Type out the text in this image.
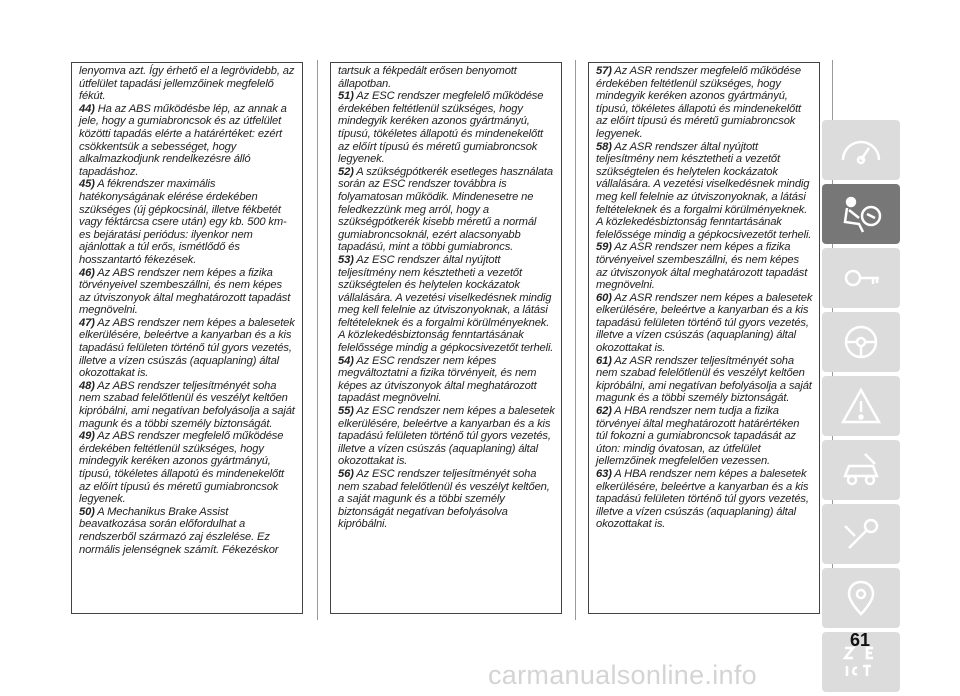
lenyomva azt. Így érhető el a legrövidebb, az útfelület tapadási jellemzőinek megfelelő fékút.

44) Ha az ABS működésbe lép, az annak a jele, hogy a gumiabroncsok és az útfelület közötti tapadás elérte a határértéket: ezért csökkentsük a sebességet, hogy alkalmazkodjunk rendelkezésre álló tapadáshoz.

45) A fékrendszer maximális hatékonyságának elérése érdekében szükséges (új gépkocsinál, illetve fékbetét vagy féktárcsa csere után) egy kb. 500 km-es bejáratási periódus: ilyenkor nem ajánlottak a túl erős, ismétlődő és hosszantartó fékezések.

46) Az ABS rendszer nem képes a fizika törvényeivel szembeszállni, és nem képes az útviszonyok által meghatározott tapadást megnövelni.

47) Az ABS rendszer nem képes a balesetek elkerülésére, beleértve a kanyarban és a kis tapadású felületen történő túl gyors vezetés, illetve a vízen csúszás (aquaplaning) által okozottakat is.

48) Az ABS rendszer teljesítményét soha nem szabad felelőtlenül és veszélyt keltően kipróbálni, ami negatívan befolyásolja a saját magunk és a többi személy biztonságát.

49) Az ABS rendszer megfelelő működése érdekében feltétlenül szükséges, hogy mindegyik keréken azonos gyártmányú, típusú, tökéletes állapotú és mindenekelőtt az előírt típusú és méretű gumiabroncsok legyenek.

50) A Mechanikus Brake Assist beavatkozása során előfordulhat a rendszerből származó zaj észlelése. Ez normális jelenségnek számít. Fékezéskor

tartsuk a fékpedált erősen benyomott állapotban.

51) Az ESC rendszer megfelelő működése érdekében feltétlenül szükséges, hogy mindegyik keréken azonos gyártmányú, típusú, tökéletes állapotú és mindenekelőtt az előírt típusú és méretű gumiabroncsok legyenek.

52) A szükségpótkerék esetleges használata során az ESC rendszer továbbra is folyamatosan működik. Mindenesetre ne feledkezzünk meg arról, hogy a szükségpótkerék kisebb méretű a normál gumiabroncsoknál, ezért alacsonyabb tapadású, mint a többi gumiabroncs.

53) Az ESC rendszer által nyújtott teljesítmény nem késztetheti a vezetőt szükségtelen és helytelen kockázatok vállalására. A vezetési viselkedésnek mindig meg kell felelnie az útviszonyoknak, a látási feltételeknek és a forgalmi körülményeknek. A közlekedésbiztonság fenntartásának felelőssége mindig a gépkocsivezetőt terheli.

54) Az ESC rendszer nem képes megváltoztatni a fizika törvényeit, és nem képes az útviszonyok által meghatározott tapadást megnövelni.

55) Az ESC rendszer nem képes a balesetek elkerülésére, beleértve a kanyarban és a kis tapadású felületen történő túl gyors vezetés, illetve a vízen csúszás (aquaplaning) által okozottakat is.

56) Az ESC rendszer teljesítményét soha nem szabad felelőtlenül és veszélyt keltően, a saját magunk és a többi személy biztonságát negatívan befolyásolva kipróbálni.

57) Az ASR rendszer megfelelő működése érdekében feltétlenül szükséges, hogy mindegyik keréken azonos gyártmányú, típusú, tökéletes állapotú és mindenekelőtt az előírt típusú és méretű gumiabroncsok legyenek.

58) Az ASR rendszer által nyújtott teljesítmény nem késztetheti a vezetőt szükségtelen és helytelen kockázatok vállalására. A vezetési viselkedésnek mindig meg kell felelnie az útviszonyoknak, a látási feltételeknek és a forgalmi körülményeknek. A közlekedésbiztonság fenntartásának felelőssége mindig a gépkocsivezetőt terheli.

59) Az ASR rendszer nem képes a fizika törvényeivel szembeszállni, és nem képes az útviszonyok által meghatározott tapadást megnövelni.

60) Az ASR rendszer nem képes a balesetek elkerülésére, beleértve a kanyarban és a kis tapadású felületen történő túl gyors vezetés, illetve a vízen csúszás (aquaplaning) által okozottakat is.

61) Az ASR rendszer teljesítményét soha nem szabad felelőtlenül és veszélyt keltően kipróbálni, ami negatívan befolyásolja a saját magunk és a többi személy biztonságát.

62) A HBA rendszer nem tudja a fizika törvényei által meghatározott határértéken túl fokozni a gumiabroncsok tapadását az úton: mindig óvatosan, az útfelület jellemzőinek megfelelően vezessen.

63) A HBA rendszer nem képes a balesetek elkerülésére, beleértve a kanyarban és a kis tapadású felületen történő túl gyors vezetés, illetve a vízen csúszás (aquaplaning) által okozottakat is.

61
carmanualsonline.info
